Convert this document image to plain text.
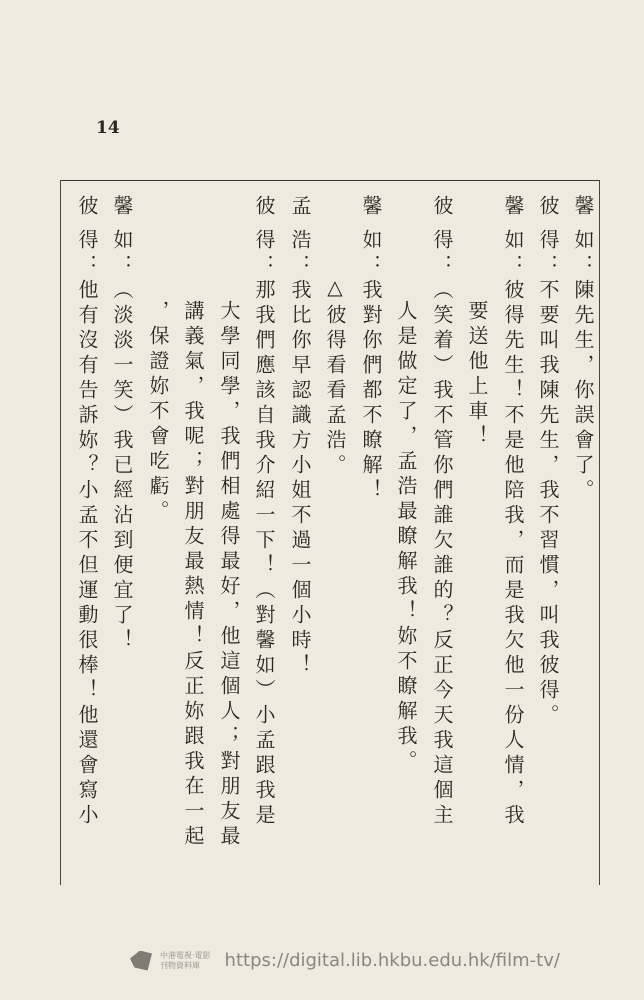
14
馨如：陳先生，你誤會了。
彼得：不要叫我陳先生，我不習慣，叫我彼得。
馨如：彼得先生！不是他陪我，而是我欠他一份人情，我
要送他上車！
彼得：（笑着）我不管你們誰欠誰的？反正今天我這個主
人是做定了，孟浩最瞭解我！妳不瞭解我。
馨如：我對你們都不瞭解！
△彼得看看孟浩。
孟浩：我比你早認識方小姐不過一個小時！
彼得：那我們應該自我介紹一下！（對馨如）小孟跟我是
大學同學，我們相處得最好，他這個人；對朋友最
講義氣，我呢；對朋友最熱情！反正妳跟我在一起
，保證妳不會吃虧。
馨如：（淡淡一笑）我已經沾到便宜了！
彼得：他有沒有告訴妳？小孟不但運動很棒！他還會寫小
中港電視·電影
刊物資料庫	https://digital.lib.hkbu.edu.hk/film-tv/
